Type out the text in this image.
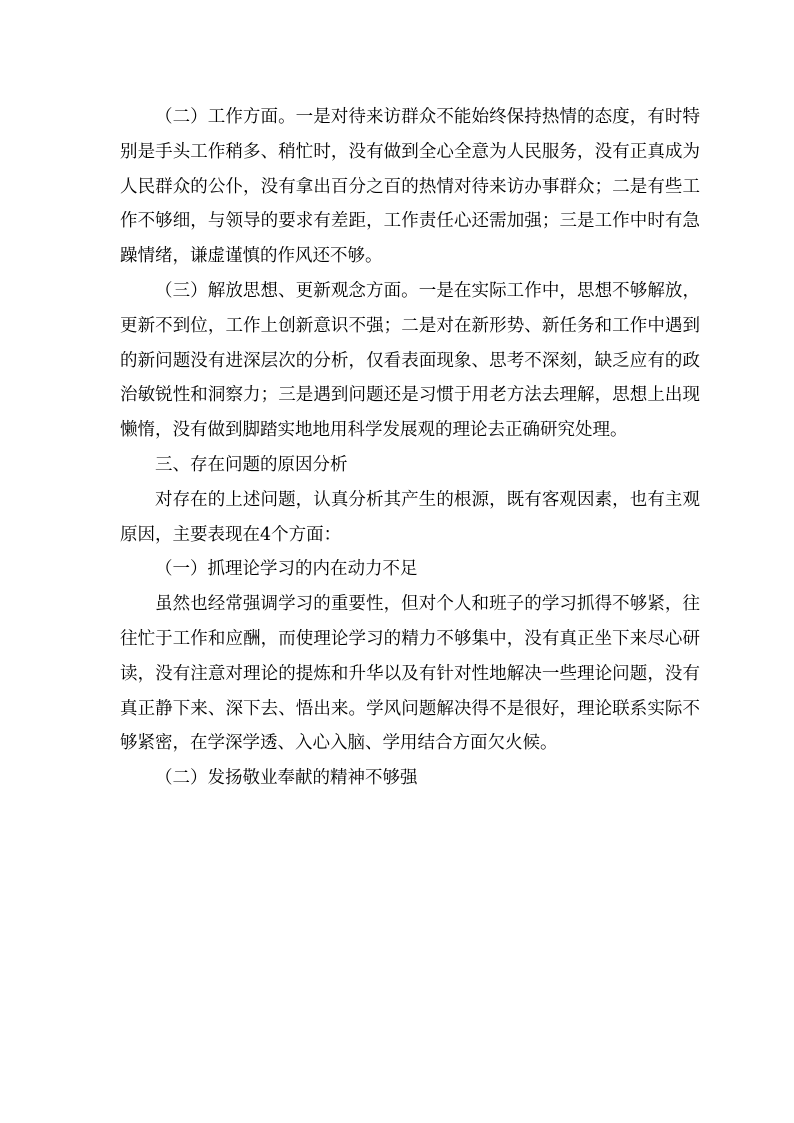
（二）工作方面。一是对待来访群众不能始终保持热情的态度，有时特别是手头工作稍多、稍忙时，没有做到全心全意为人民服务，没有正真成为人民群众的公仆，没有拿出百分之百的热情对待来访办事群众；二是有些工作不够细，与领导的要求有差距，工作责任心还需加强；三是工作中时有急躁情绪，谦虚谨慎的作风还不够。

（三）解放思想、更新观念方面。一是在实际工作中，思想不够解放，更新不到位，工作上创新意识不强；二是对在新形势、新任务和工作中遇到的新问题没有进深层次的分析，仅看表面现象、思考不深刻，缺乏应有的政治敏锐性和洞察力；三是遇到问题还是习惯于用老方法去理解，思想上出现懒惰，没有做到脚踏实地地用科学发展观的理论去正确研究处理。

三、存在问题的原因分析

对存在的上述问题，认真分析其产生的根源，既有客观因素，也有主观原因，主要表现在4个方面：

（一）抓理论学习的内在动力不足

虽然也经常强调学习的重要性，但对个人和班子的学习抓得不够紧，往往忙于工作和应酬，而使理论学习的精力不够集中，没有真正坐下来尽心研读，没有注意对理论的提炼和升华以及有针对性地解决一些理论问题，没有真正静下来、深下去、悟出来。学风问题解决得不是很好，理论联系实际不够紧密，在学深学透、入心入脑、学用结合方面欠火候。

（二）发扬敬业奉献的精神不够强
